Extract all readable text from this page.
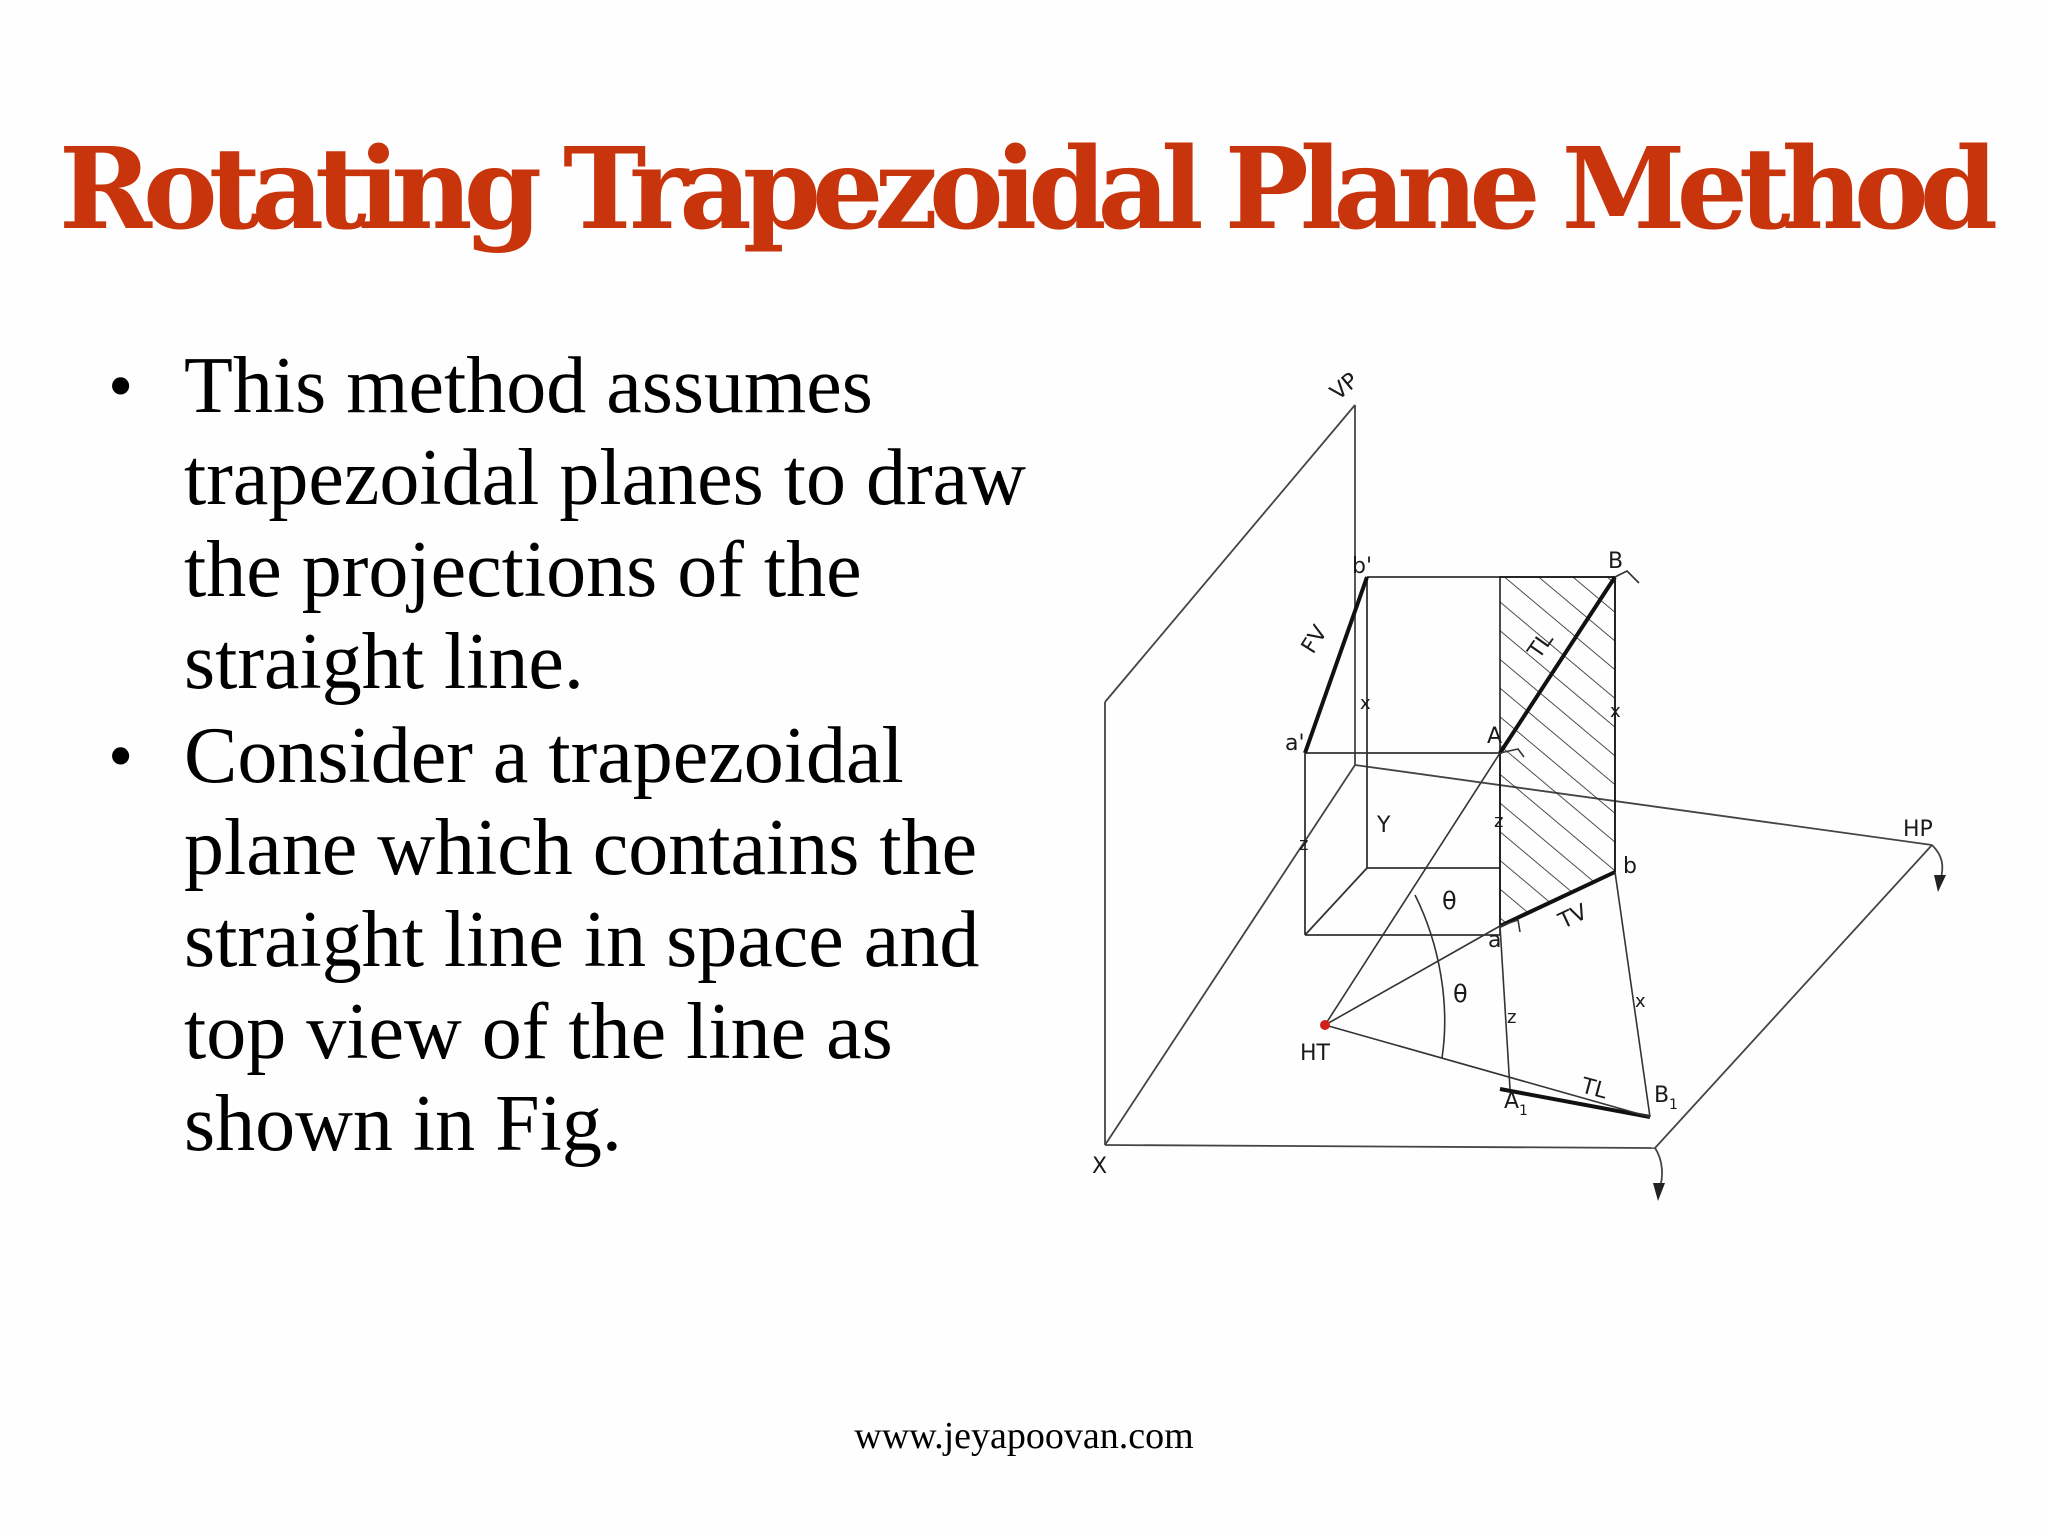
Rotating Trapezoidal Plane Method
• This method assumes trapezoidal planes to draw the projections of the straight line.
• Consider a trapezoidal plane which contains the straight line in space and top view of the line as shown in Fig.
VP
HP
X
Y
b'
a'
B
A
a
b
FV	TL
TV
TL
HT
A 1
B 1
θ
θ
x	x
x
z
z
z
www.jeyapoovan.com
